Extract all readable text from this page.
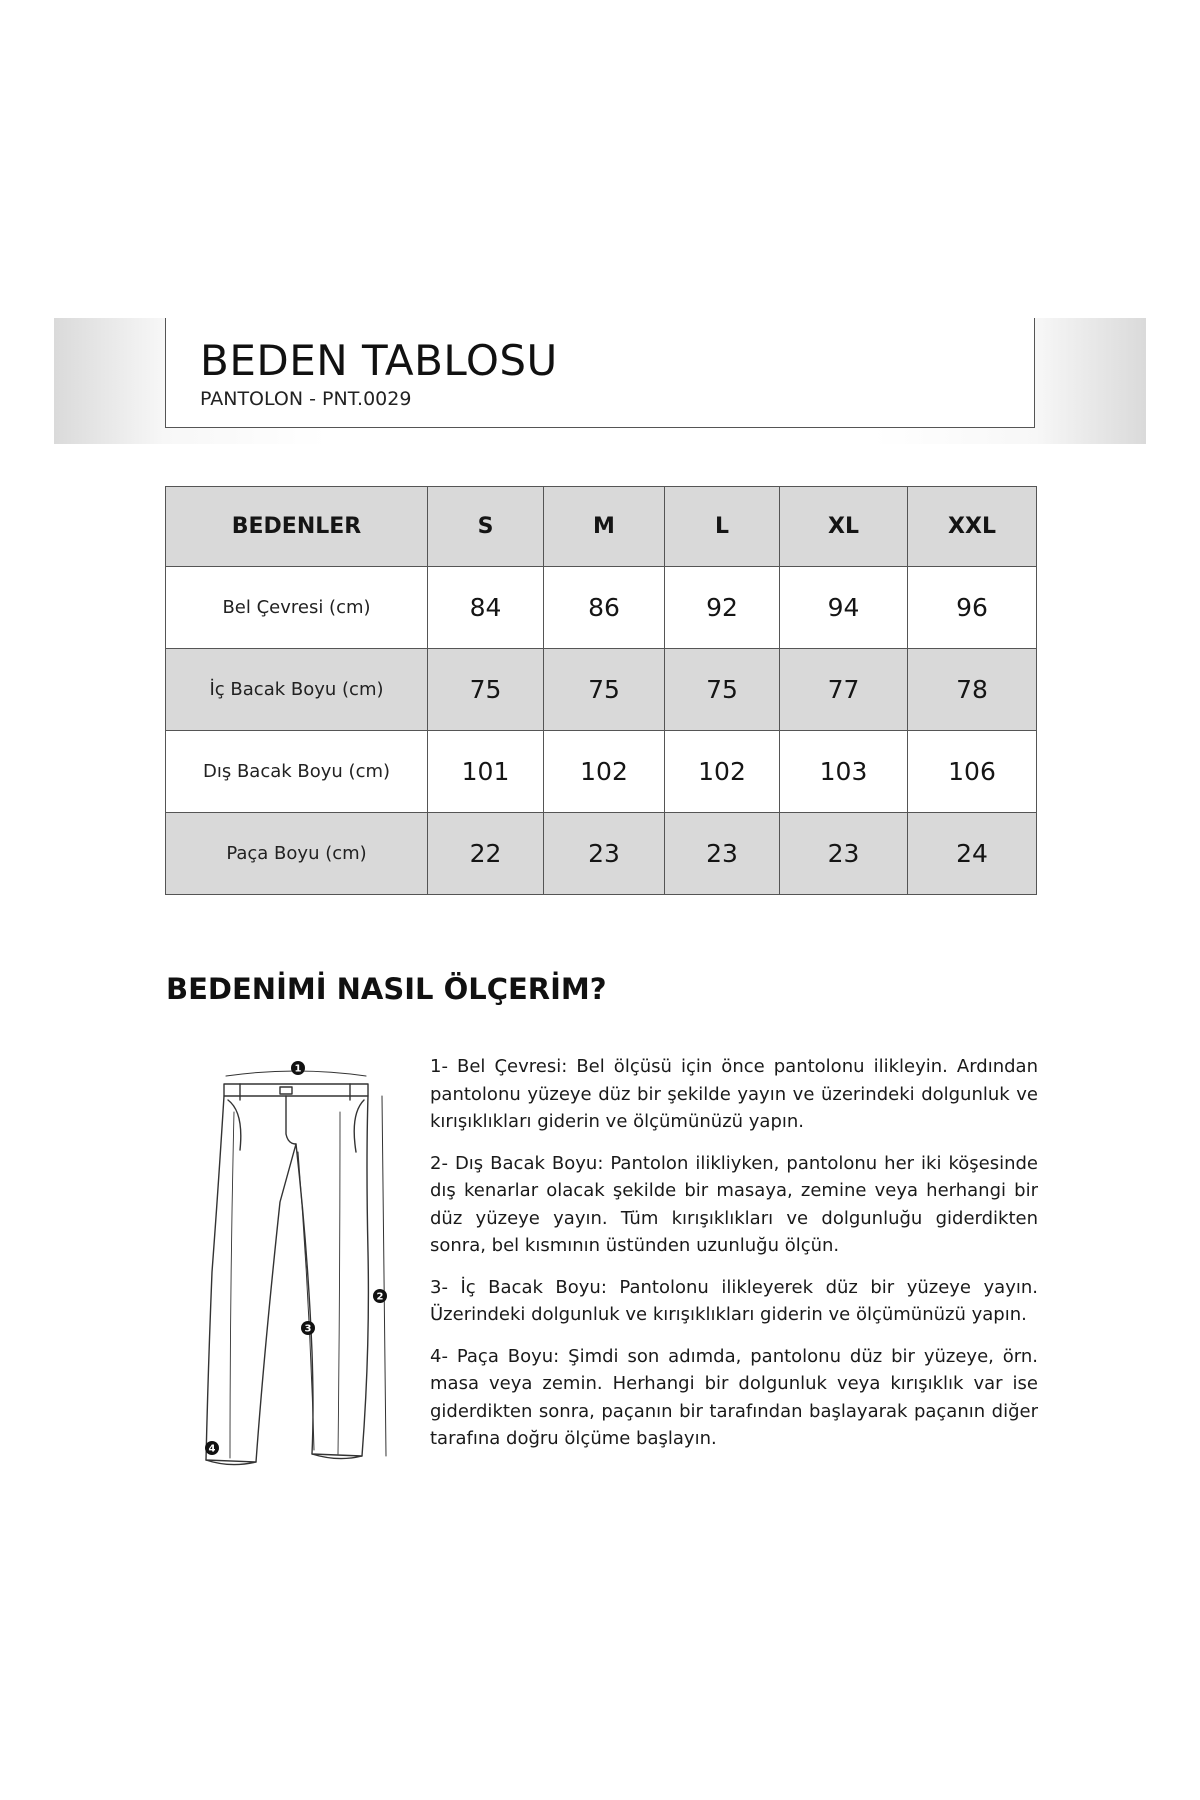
BEDEN TABLOSU
PANTOLON - PNT.0029
BEDENLER	S	M	L	XL	XXL
Bel Çevresi (cm)	84	86	92	94	96
İç Bacak Boyu (cm)	75	75	75	77	78
Dış Bacak Boyu (cm)	101	102	102	103	106
Paça Boyu (cm)	22	23	23	23	24
BEDENİMİ NASIL ÖLÇERİM?
1
2
3
4

1- Bel Çevresi: Bel ölçüsü için önce pantolonu ilikleyin. Ardından pantolonu yüzeye düz bir şekilde yayın ve üzerindeki dolgunluk ve kırışıklıkları giderin ve ölçümünüzü yapın.

2- Dış Bacak Boyu: Pantolon ilikliyken, pantolonu her iki köşesinde dış kenarlar olacak şekilde bir masaya, zemine veya herhangi bir düz yüzeye yayın. Tüm kırışıklıkları ve dolgunluğu giderdikten sonra, bel kısmının üstünden uzunluğu ölçün.

3- İç Bacak Boyu: Pantolonu ilikleyerek düz bir yüzeye yayın. Üzerindeki dolgunluk ve kırışıklıkları giderin ve ölçümünüzü yapın.

4- Paça Boyu: Şimdi son adımda, pantolonu düz bir yüzeye, örn. masa veya zemin. Herhangi bir dolgunluk veya kırışıklık var ise giderdikten sonra, paçanın bir tarafından başlayarak paçanın diğer tarafına doğru ölçüme başlayın.
